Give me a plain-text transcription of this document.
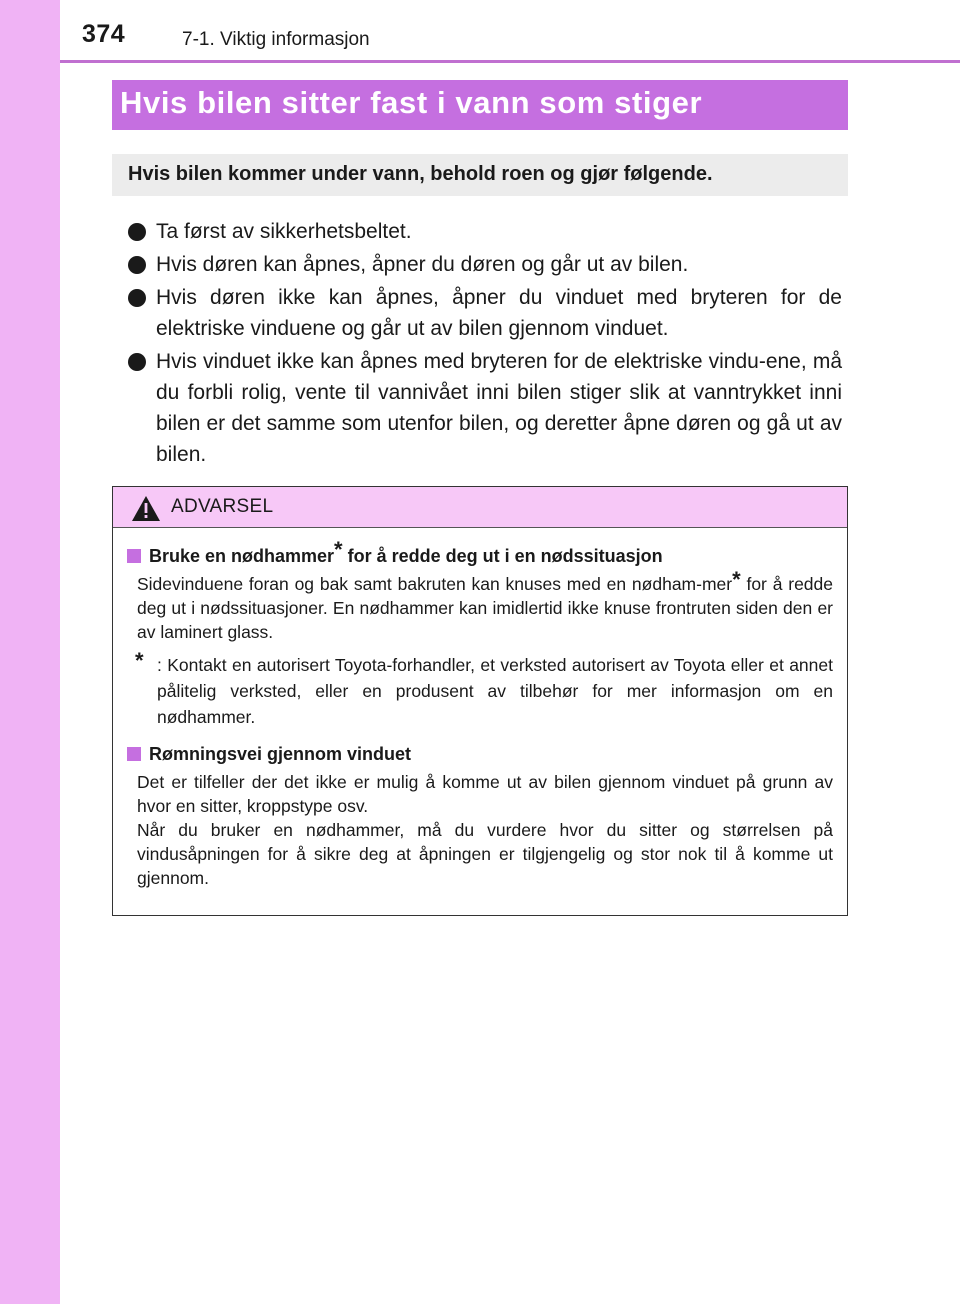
374	7-1. Viktig informasjon
Hvis bilen sitter fast i vann som stiger
Hvis bilen kommer under vann, behold roen og gjør følgende.
Ta først av sikkerhetsbeltet.
Hvis døren kan åpnes, åpner du døren og går ut av bilen.
Hvis døren ikke kan åpnes, åpner du vinduet med bryteren for de elektriske vinduene og går ut av bilen gjennom vinduet.
Hvis vinduet ikke kan åpnes med bryteren for de elektriske vindu-ene, må du forbli rolig, vente til vannivået inni bilen stiger slik at vanntrykket inni bilen er det samme som utenfor bilen, og deretter åpne døren og gå ut av bilen.
ADVARSEL
Bruke en nødhammer* for å redde deg ut i en nødssituasjon
Sidevinduene foran og bak samt bakruten kan knuses med en nødham-mer* for å redde deg ut i nødssituasjoner. En nødhammer kan imidlertid ikke knuse frontruten siden den er av laminert glass.
* : Kontakt en autorisert Toyota-forhandler, et verksted autorisert av Toyota eller et annet pålitelig verksted, eller en produsent av tilbehør for mer informasjon om en nødhammer.
Rømningsvei gjennom vinduet
Det er tilfeller der det ikke er mulig å komme ut av bilen gjennom vinduet på grunn av hvor en sitter, kroppstype osv.
Når du bruker en nødhammer, må du vurdere hvor du sitter og størrelsen på vindusåpningen for å sikre deg at åpningen er tilgjengelig og stor nok til å komme ut gjennom.
